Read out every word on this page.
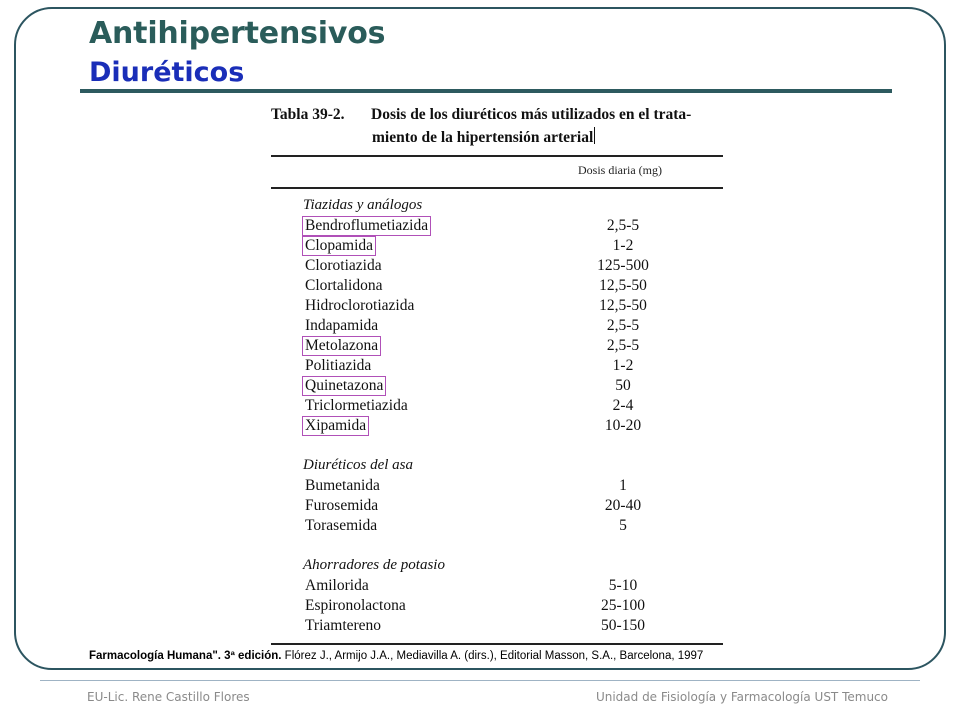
Antihipertensivos
Diuréticos
Tabla 39-2. Dosis de los diuréticos más utilizados en el trata-
miento de la hipertensión arterial
Dosis diaria (mg)
Tiazidas y análogos
Bendroflumetiazida	2,5-5
Clopamida	1-2
Clorotiazida	125-500
Clortalidona	12,5-50
Hidroclorotiazida	12,5-50
Indapamida	2,5-5
Metolazona	2,5-5
Politiazida	1-2
Quinetazona	50
Triclormetiazida	2-4
Xipamida	10-20
Diuréticos del asa
Bumetanida	1
Furosemida	20-40
Torasemida	5
Ahorradores de potasio
Amilorida	5-10
Espironolactona	25-100
Triamtereno	50-150
Farmacología Humana". 3ª edición. Flórez J., Armijo J.A., Mediavilla A. (dirs.), Editorial Masson, S.A., Barcelona, 1997
EU-Lic. Rene Castillo Flores	Unidad de Fisiología y Farmacología UST Temuco
